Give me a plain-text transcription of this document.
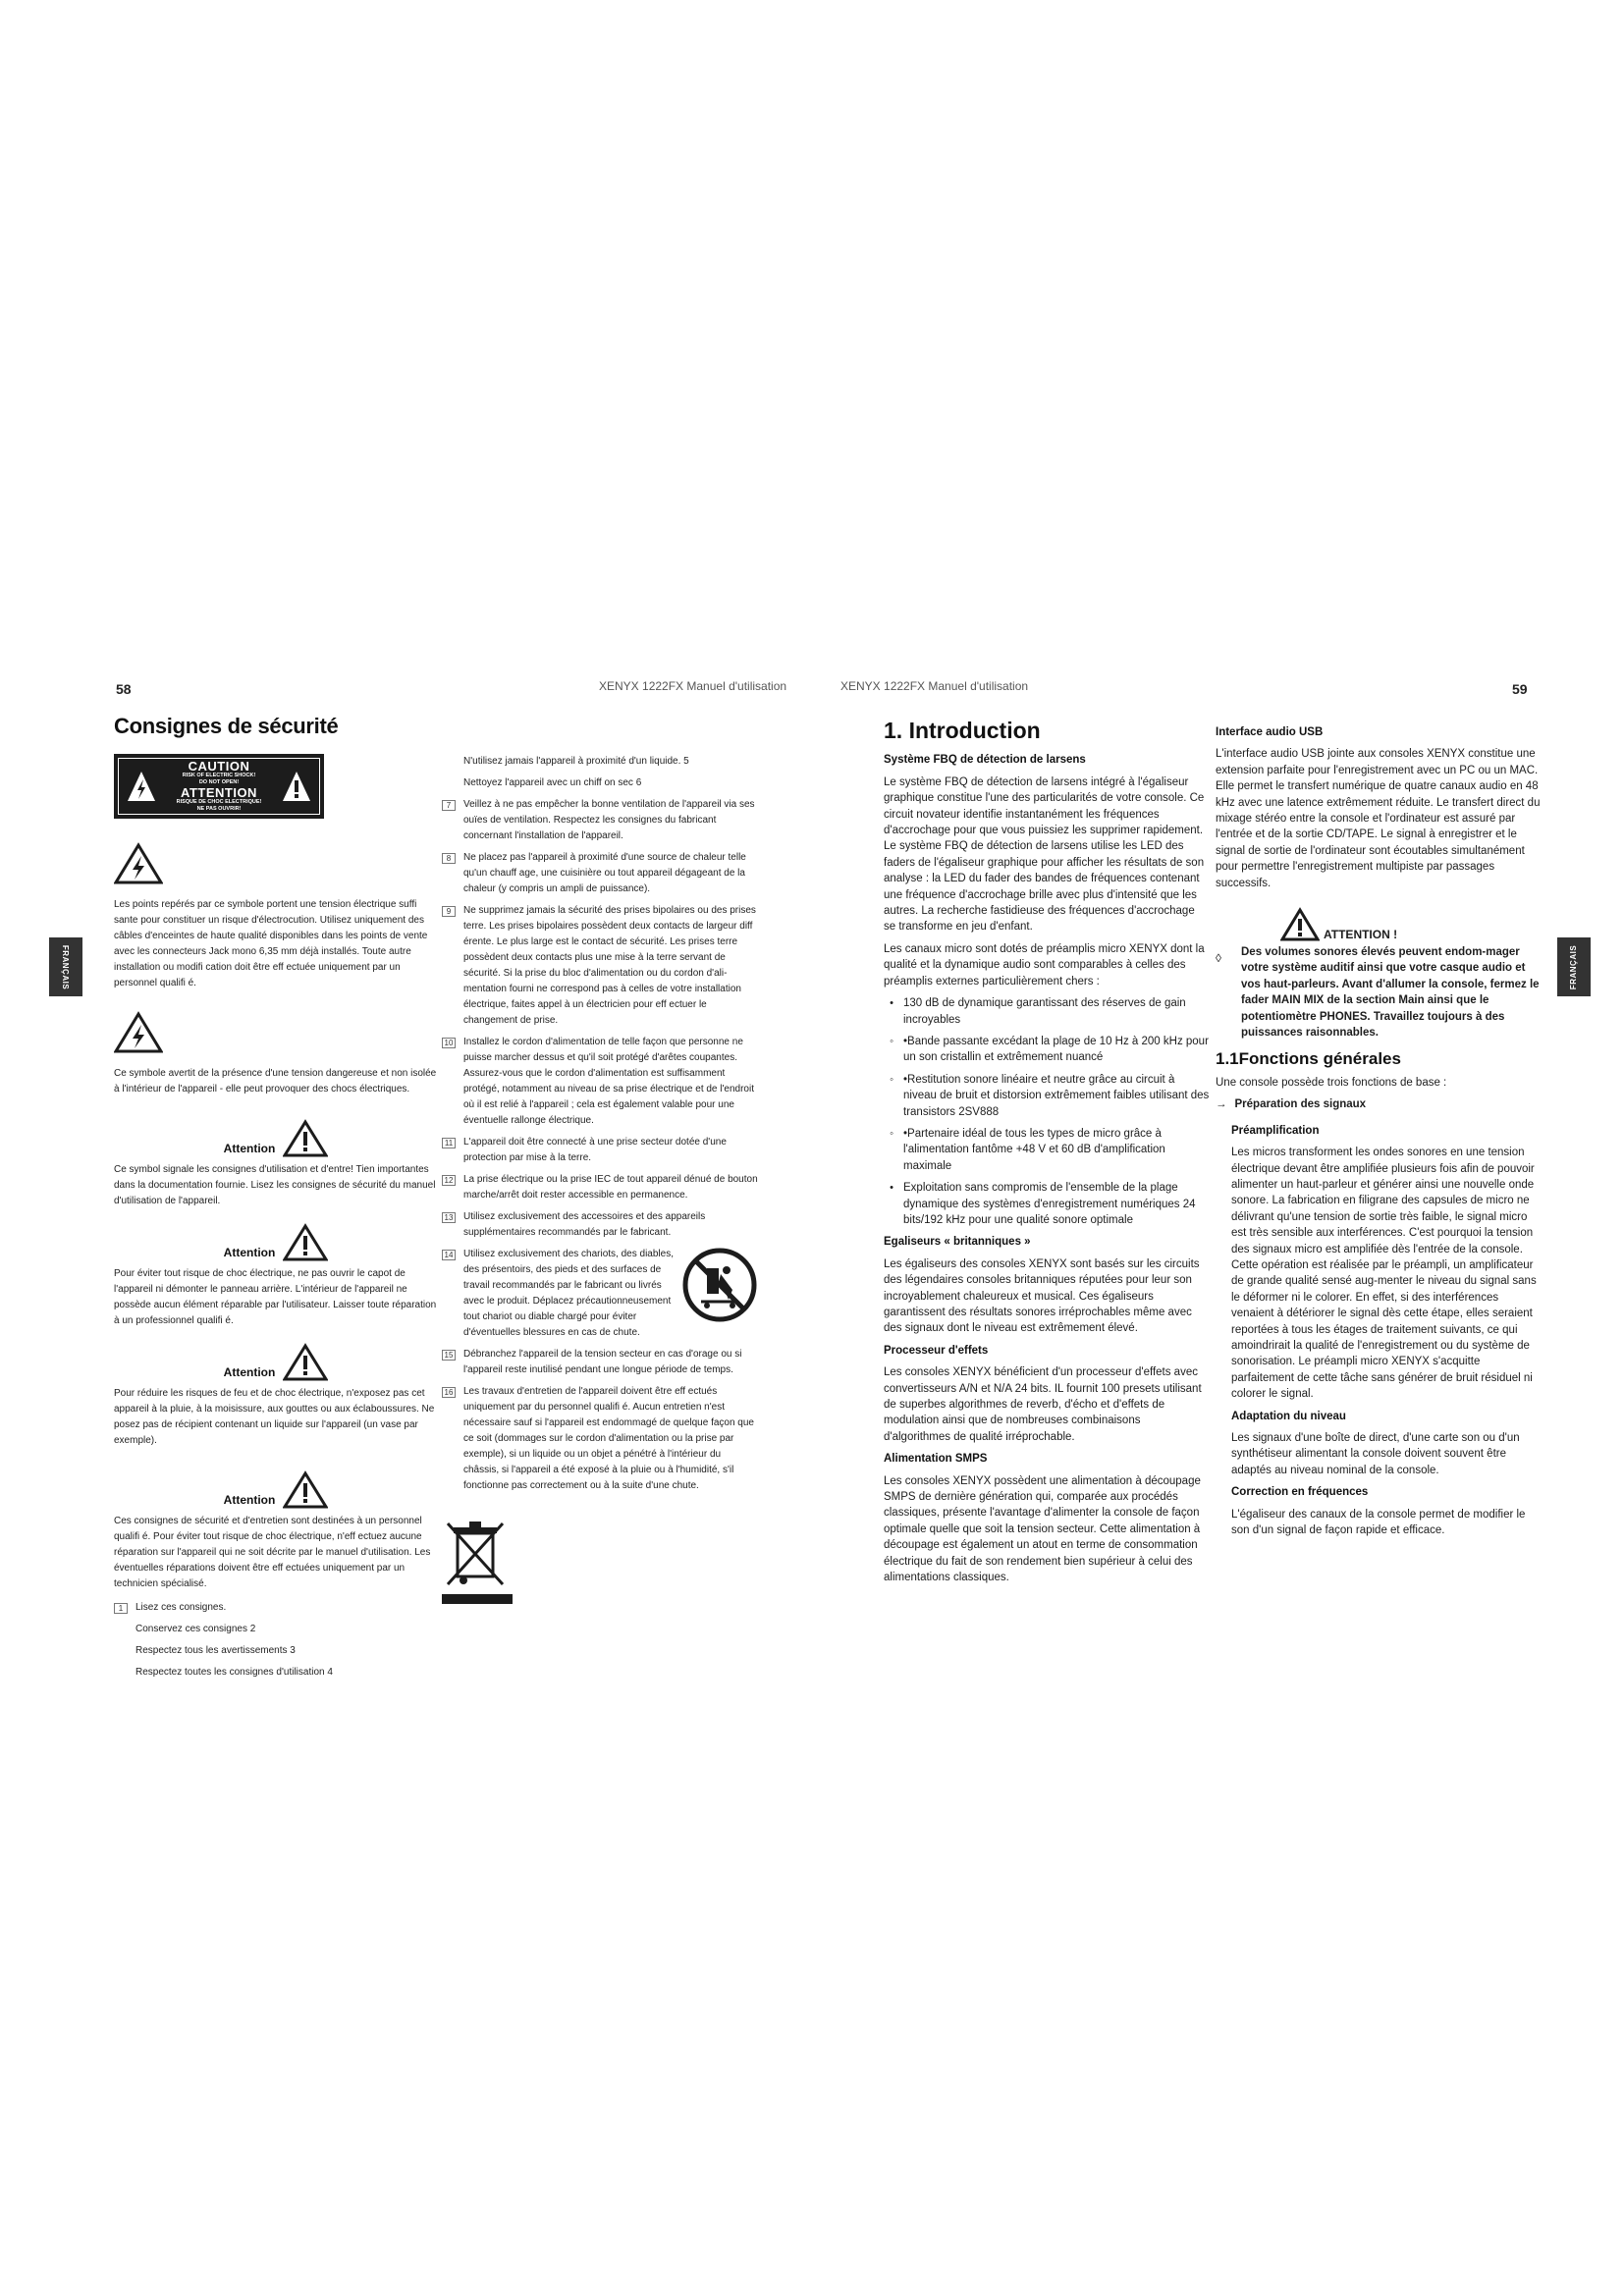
58	XENYX 1222FX Manuel d'utilisation
FRANÇAIS
Consignes de sécurité
CAUTION
RISK OF ELECTRIC SHOCK!
DO NOT OPEN!
ATTENTION
RISQUE DE CHOC ELECTRIQUE!
NE PAS OUVRIR!

Les points repérés par ce symbole portent une tension électrique suffi sante pour constituer un risque d'électrocution. Utilisez uniquement des câbles d'enceintes de haute qualité disponibles dans les points de vente avec les connecteurs Jack mono 6,35 mm déjà installés. Toute autre installation ou modifi cation doit être eff ectuée uniquement par un personnel qualifi é.

Ce symbole avertit de la présence d'une tension dangereuse et non isolée à l'intérieur de l'appareil - elle peut provoquer des chocs électriques.

Attention

Ce symbol signale les consignes d'utilisation et d'entre! Tien importantes dans la documentation fournie. Lisez les consignes de sécurité du manuel d'utilisation de l'appareil.

Attention

Pour éviter tout risque de choc électrique, ne pas ouvrir le capot de l'appareil ni démonter le panneau arrière. L'intérieur de l'appareil ne possède aucun élément réparable par l'utilisateur. Laisser toute réparation à un professionnel qualifi é.

Attention

Pour réduire les risques de feu et de choc électrique, n'exposez pas cet appareil à la pluie, à la moisissure, aux gouttes ou aux éclaboussures. Ne posez pas de récipient contenant un liquide sur l'appareil (un vase par exemple).

Attention

Ces consignes de sécurité et d'entretien sont destinées à un personnel qualifi é. Pour éviter tout risque de choc électrique, n'eff ectuez aucune réparation sur l'appareil qui ne soit décrite par le manuel d'utilisation. Les éventuelles réparations doivent être eff ectuées uniquement par un technicien spécialisé.

1	Lisez ces consignes.
Conservez ces consignes 2
Respectez tous les avertissements 3
Respectez toutes les consignes d'utilisation 4
N'utilisez jamais l'appareil à proximité d'un liquide. 5
Nettoyez l'appareil avec un chiff on sec 6
7	Veillez à ne pas empêcher la bonne ventilation de l'appareil via ses ouïes de ventilation. Respectez les consignes du fabricant concernant l'installation de l'appareil.
8	Ne placez pas l'appareil à proximité d'une source de chaleur telle qu'un chauff age, une cuisinière ou tout appareil dégageant de la chaleur (y compris un ampli de puissance).
9	Ne supprimez jamais la sécurité des prises bipolaires ou des prises terre. Les prises bipolaires possèdent deux contacts de largeur diff érente. Le plus large est le contact de sécurité. Les prises terre possèdent deux contacts plus une mise à la terre servant de sécurité. Si la prise du bloc d'alimentation ou du cordon d'ali-mentation fourni ne correspond pas à celles de votre installation électrique, faites appel à un électricien pour eff ectuer le changement de prise.
10 Installez le cordon d'alimentation de telle façon que personne ne puisse marcher dessus et qu'il soit protégé d'arêtes coupantes. Assurez-vous que le cordon d'alimentation est suffisamment protégé, notamment au niveau de sa prise électrique et de l'endroit où il est relié à l'appareil ; cela est également valable pour une éventuelle rallonge électrique.
11 L'appareil doit être connecté à une prise secteur dotée d'une protection par mise à la terre.
12 La prise électrique ou la prise IEC de tout appareil dénué de bouton marche/arrêt doit rester accessible en permanence.
13 Utilisez exclusivement des accessoires et des appareils supplémentaires recommandés par le fabricant.
14 Utilisez exclusivement des chariots, des diables, des présentoirs, des pieds et des surfaces de travail recommandés par le fabricant ou livrés avec le produit. Déplacez précautionneusement tout chariot ou diable chargé pour éviter d'éventuelles blessures en cas de chute.
15 Débranchez l'appareil de la tension secteur en cas d'orage ou si l'appareil reste inutilisé pendant une longue période de temps.
16 Les travaux d'entretien de l'appareil doivent être eff ectués uniquement par du personnel qualifi é. Aucun entretien n'est nécessaire sauf si l'appareil est endommagé de quelque façon que ce soit (dommages sur le cordon d'alimentation ou la prise par exemple), si un liquide ou un objet a pénétré à l'intérieur du châssis, si l'appareil a été exposé à la pluie ou à l'humidité, s'il fonctionne pas correctement ou à la suite d'une chute.
XENYX 1222FX Manuel d'utilisation	59
FRANÇAIS
1. Introduction
Système FBQ de détection de larsens

Le système FBQ de détection de larsens intégré à l'égaliseur graphique constitue l'une des particularités de votre console. Ce circuit novateur identifie instantanément les fréquences d'accrochage pour que vous puissiez les supprimer rapidement. Le système FBQ de détection de larsens utilise les LED des faders de l'égaliseur graphique pour afficher les résultats de son analyse : la LED du fader des bandes de fréquences contenant une fréquence d'accrochage brille avec plus d'intensité que les autres. La recherche fastidieuse des fréquences d'accrochage se transforme en jeu d'enfant.

Les canaux micro sont dotés de préamplis micro XENYX dont la qualité et la dynamique audio sont comparables à celles des préamplis externes particulièrement chers :

• 130 dB de dynamique garantissant des réserves de gain incroyables
◦ •Bande passante excédant la plage de 10 Hz à 200 kHz pour un son cristallin et extrêmement nuancé
◦ •Restitution sonore linéaire et neutre grâce au circuit à niveau de bruit et distorsion extrêmement faibles utilisant des transistors 2SV888
◦ •Partenaire idéal de tous les types de micro grâce à l'alimentation fantôme +48 V et 60 dB d'amplification maximale
• Exploitation sans compromis de l'ensemble de la plage dynamique des systèmes d'enregistrement numériques 24 bits/192 kHz pour une qualité sonore optimale
Egaliseurs « britanniques »

Les égaliseurs des consoles XENYX sont basés sur les circuits des légendaires consoles britanniques réputées pour leur son incroyablement chaleureux et musical. Ces égaliseurs garantissent des résultats sonores irréprochables même avec des signaux dont le niveau est extrêmement élevé.

Processeur d'effets

Les consoles XENYX bénéficient d'un processeur d'effets avec convertisseurs A/N et N/A 24 bits. IL fournit 100 presets utilisant de superbes algorithmes de reverb, d'écho et d'effets de modulation ainsi que de nombreuses combinaisons d'algorithmes de qualité irréprochable.

Alimentation SMPS

Les consoles XENYX possèdent une alimentation à découpage SMPS de dernière génération qui, comparée aux procédés classiques, présente l'avantage d'alimenter la console de façon optimale quelle que soit la tension secteur. Cette alimentation à découpage est également un atout en terme de consommation électrique du fait de son rendement bien supérieur à celui des alimentations classiques.

Interface audio USB

L'interface audio USB jointe aux consoles XENYX constitue une extension parfaite pour l'enregistrement avec un PC ou un MAC. Elle permet le transfert numérique de quatre canaux audio en 48 kHz avec une latence extrêmement réduite. Le transfert direct du mixage stéréo entre la console et l'ordinateur est assuré par l'entrée et de la sortie CD/TAPE. Le signal à enregistrer et le signal de sortie de l'ordinateur sont écoutables simultanément pour permettre l'enregistrement multipiste par passages successifs.

◊
ATTENTION !
Des volumes sonores élevés peuvent endom-mager votre système auditif ainsi que votre casque audio et vos haut-parleurs. Avant d'allumer la console, fermez le fader MAIN MIX de la section Main ainsi que le potentiomètre PHONES. Travaillez toujours à des puissances raisonnables.
1.1Fonctions générales

Une console possède trois fonctions de base :

→ Préparation des signaux
Préamplification

Les micros transforment les ondes sonores en une tension électrique devant être amplifiée plusieurs fois afin de pouvoir alimenter un haut-parleur et générer ainsi une nouvelle onde sonore. La fabrication en filigrane des capsules de micro ne délivrant qu'une tension de sortie très faible, le signal micro est très sensible aux interférences. C'est pourquoi la tension des signaux micro est amplifiée dès l'entrée de la console. Cette opération est réalisée par le préampli, un amplificateur de grande qualité sensé aug-menter le niveau du signal sans le déformer ni le colorer. En effet, si des interférences venaient à détériorer le signal dès cette étape, elles seraient reportées à tous les étages de traitement suivants, ce qui amoindrirait la qualité de l'enregistrement ou du système de sonorisation. Le préampli micro XENYX s'acquitte parfaitement de cette tâche sans générer de bruit résiduel ni colorer le signal.

Adaptation du niveau

Les signaux d'une boîte de direct, d'une carte son ou d'un synthétiseur alimentant la console doivent souvent être adaptés au niveau nominal de la console.

Correction en fréquences

L'égaliseur des canaux de la console permet de modifier le son d'un signal de façon rapide et efficace.
